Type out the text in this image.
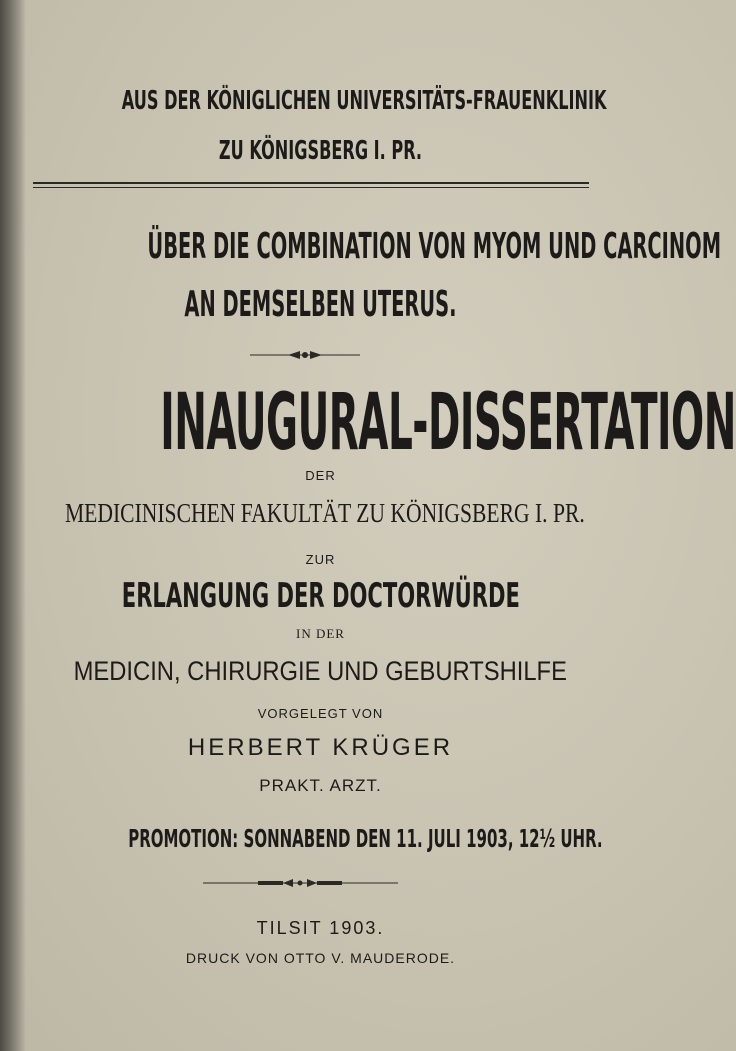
AUS DER KÖNIGLICHEN UNIVERSITÄTS-FRAUENKLINIK
ZU KÖNIGSBERG I. PR.
ÜBER DIE COMBINATION VON MYOM UND CARCINOM
AN DEMSELBEN UTERUS.
INAUGURAL-DISSERTATION
DER
MEDICINISCHEN FAKULTÄT ZU KÖNIGSBERG I. PR.
ZUR
ERLANGUNG DER DOCTORWÜRDE
IN DER
MEDICIN, CHIRURGIE UND GEBURTSHILFE
VORGELEGT VON
HERBERT KRÜGER
PRAKT. ARZT.
PROMOTION: SONNABEND DEN 11. JULI 1903, 12½ UHR.
TILSIT 1903.
DRUCK VON OTTO V. MAUDERODE.
